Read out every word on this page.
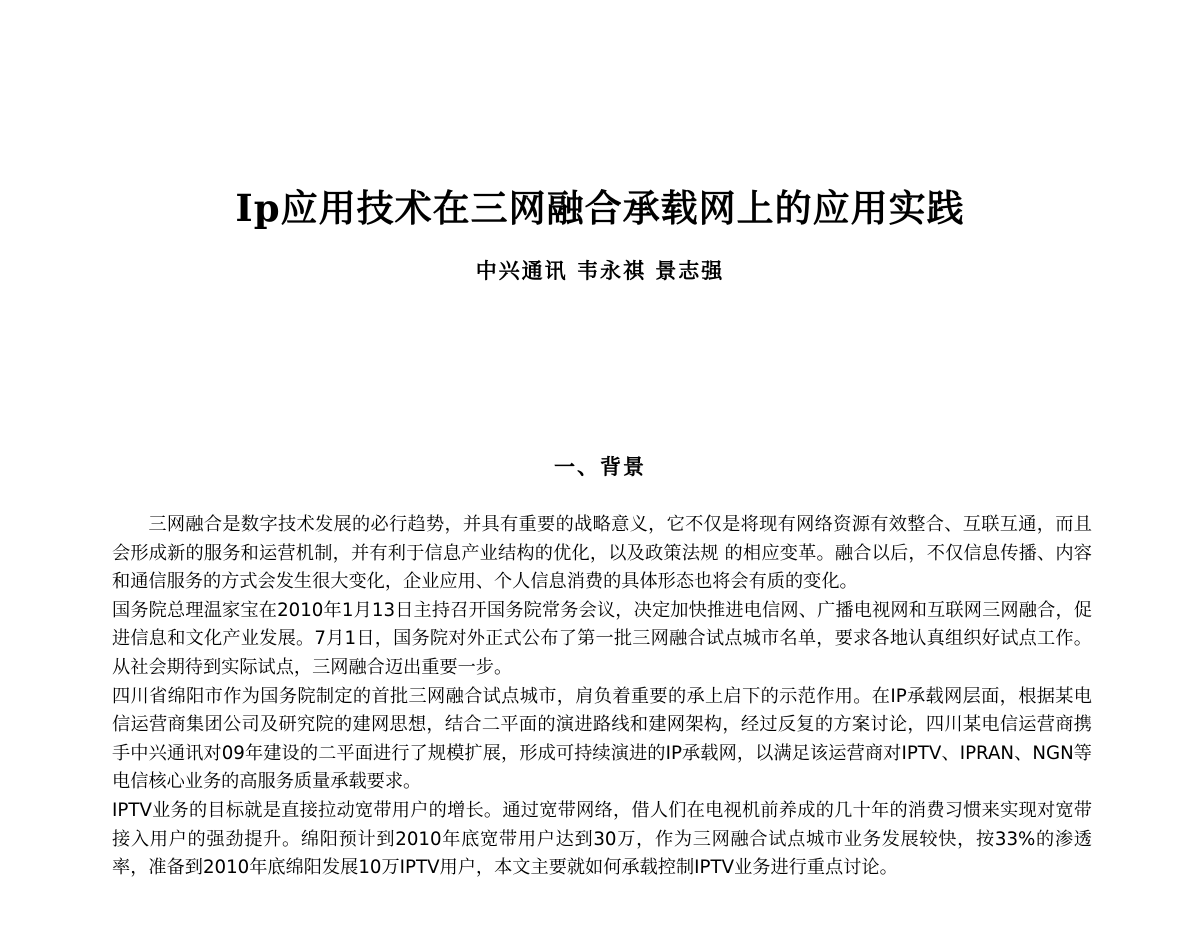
Ip应用技术在三网融合承载网上的应用实践
中兴通讯 韦永祺 景志强
一、背景

三网融合是数字技术发展的必行趋势，并具有重要的战略意义，它不仅是将现有网络资源有效整合、互联互通，而且会形成新的服务和运营机制，并有利于信息产业结构的优化，以及政策法规 的相应变革。融合以后，不仅信息传播、内容和通信服务的方式会发生很大变化，企业应用、个人信息消费的具体形态也将会有质的变化。

国务院总理温家宝在2010年1月13日主持召开国务院常务会议，决定加快推进电信网、广播电视网和互联网三网融合，促进信息和文化产业发展。7月1日，国务院对外正式公布了第一批三网融合试点城市名单，要求各地认真组织好试点工作。从社会期待到实际试点，三网融合迈出重要一步。

四川省绵阳市作为国务院制定的首批三网融合试点城市，肩负着重要的承上启下的示范作用。在IP承载网层面，根据某电信运营商集团公司及研究院的建网思想，结合二平面的演进路线和建网架构，经过反复的方案讨论，四川某电信运营商携手中兴通讯对09年建设的二平面进行了规模扩展，形成可持续演进的IP承载网，以满足该运营商对IPTV、IPRAN、NGN等电信核心业务的高服务质量承载要求。

IPTV业务的目标就是直接拉动宽带用户的增长。通过宽带网络，借人们在电视机前养成的几十年的消费习惯来实现对宽带接入用户的强劲提升。绵阳预计到2010年底宽带用户达到30万，作为三网融合试点城市业务发展较快，按33%的渗透率，准备到2010年底绵阳发展10万IPTV用户，本文主要就如何承载控制IPTV业务进行重点讨论。
